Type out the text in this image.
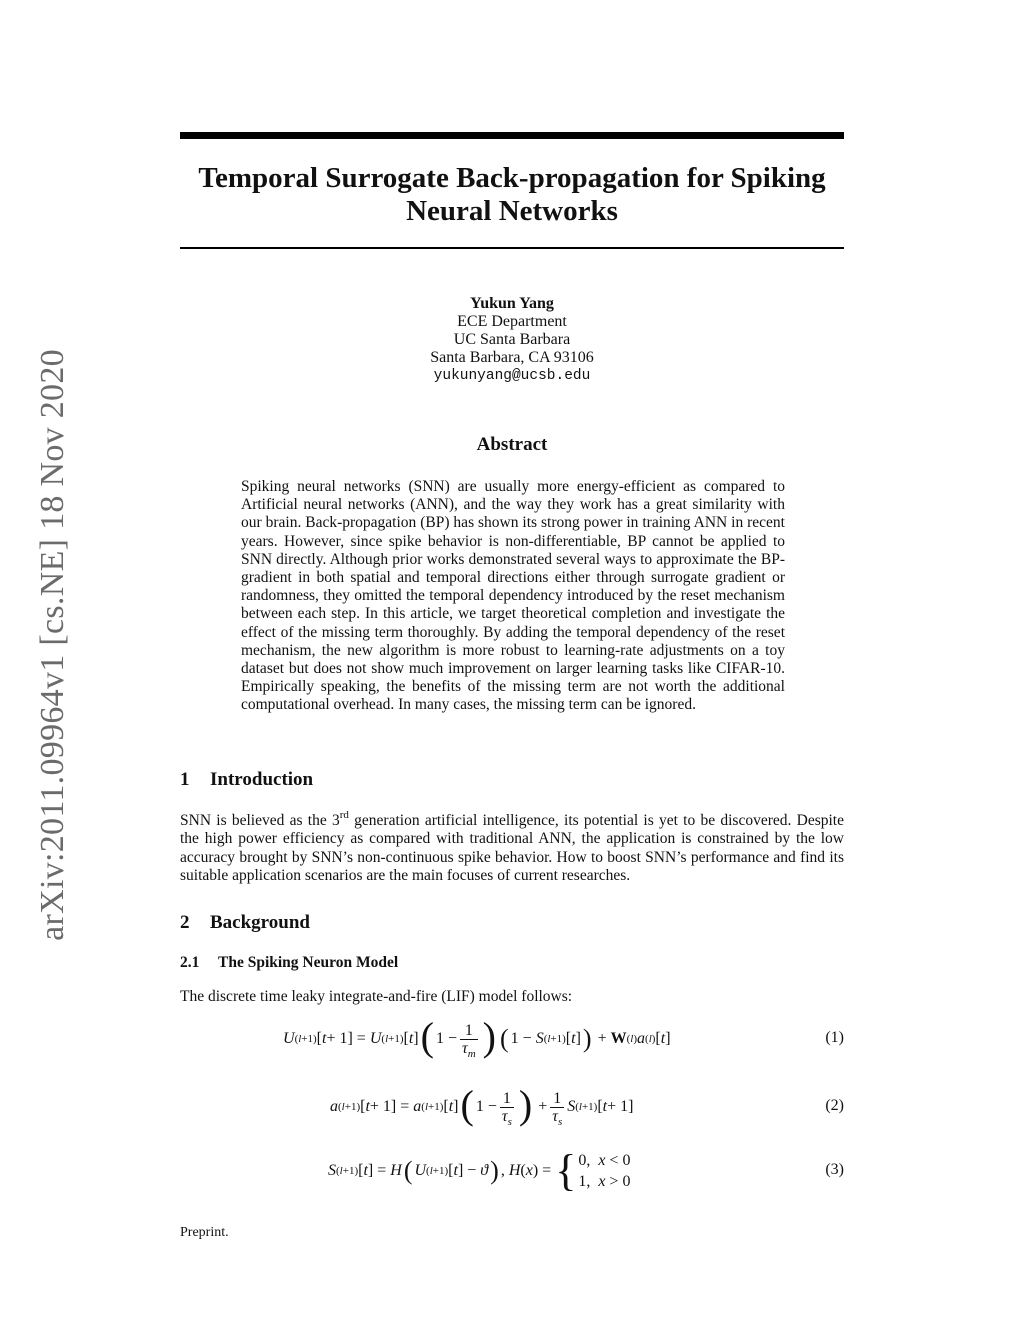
Temporal Surrogate Back-propagation for Spiking
Neural Networks
arXiv:2011.09964v1 [cs.NE] 18 Nov 2020
Yukun Yang
ECE Department
UC Santa Barbara
Santa Barbara, CA 93106
yukunyang@ucsb.edu
Abstract

Spiking neural networks (SNN) are usually more energy-efficient as compared to Artificial neural networks (ANN), and the way they work has a great similarity with our brain. Back-propagation (BP) has shown its strong power in training ANN in recent years. However, since spike behavior is non-differentiable, BP cannot be applied to SNN directly. Although prior works demonstrated several ways to approximate the BP-gradient in both spatial and temporal directions either through surrogate gradient or randomness, they omitted the temporal dependency introduced by the reset mechanism between each step. In this article, we target theoretical completion and investigate the effect of the missing term thoroughly. By adding the temporal dependency of the reset mechanism, the new algorithm is more robust to learning-rate adjustments on a toy dataset but does not show much improvement on larger learning tasks like CIFAR-10. Empirically speaking, the benefits of the missing term are not worth the additional computational overhead. In many cases, the missing term can be ignored.

1 Introduction

SNN is believed as the 3rd generation artificial intelligence, its potential is yet to be discovered. Despite the high power efficiency as compared with traditional ANN, the application is constrained by the low accuracy brought by SNN’s non-continuous spike behavior. How to boost SNN’s performance and find its suitable application scenarios are the main focuses of current researches.

2 Background
2.1 The Spiking Neuron Model

The discrete time leaky integrate-and-fire (LIF) model follows:

U (l+1) [ t + 1] = U (l+1) [ t ] ( $1 - \frac{1}{\tau_m}$ ) ( 1 − S (l+1) [ t ] ) + W (l) a (l) [ t ]	(1)
a (l+1) [ t + 1] = a (l+1) [ t ] ( $1 - \frac{1}{\tau_s}$ ) + $\frac{1}{\tau_s}$ S (l+1) [ t + 1]	(2)
S (l+1) [ t ] = H ( U (l+1) [ t ] − ϑ ) , H ( x ) = { 0,  x < 0
1,  x > 0
(3)
Preprint.
